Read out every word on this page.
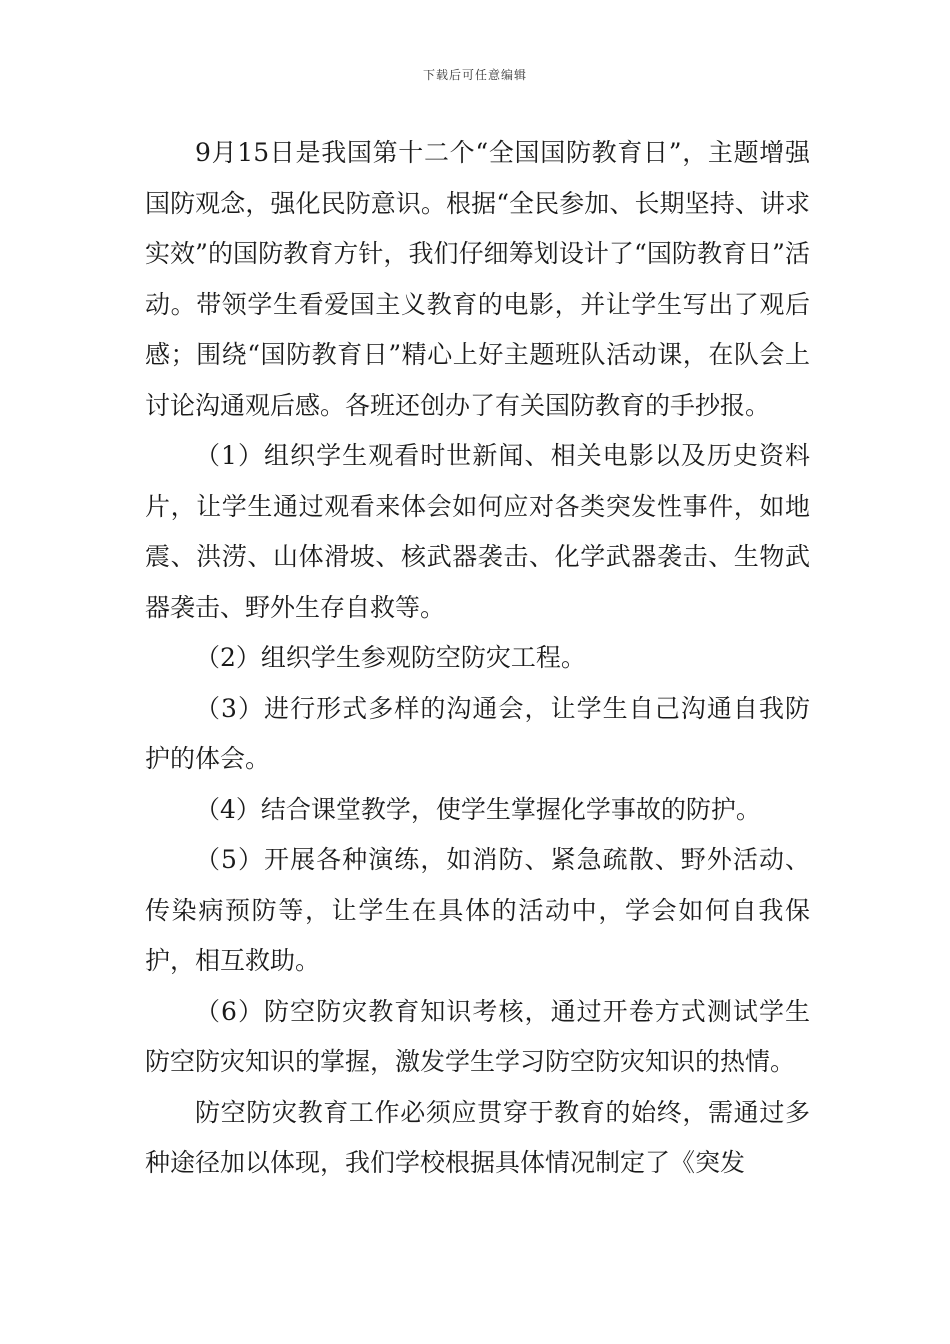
下载后可任意编辑

9月15日是我国第十二个“全国国防教育日”，主题增强国防观念，强化民防意识。根据“全民参加、长期坚持、讲求实效”的国防教育方针，我们仔细筹划设计了“国防教育日”活动。带领学生看爱国主义教育的电影，并让学生写出了观后感；围绕“国防教育日”精心上好主题班队活动课，在队会上讨论沟通观后感。各班还创办了有关国防教育的手抄报。

（1）组织学生观看时世新闻、相关电影以及历史资料片，让学生通过观看来体会如何应对各类突发性事件，如地震、洪涝、山体滑坡、核武器袭击、化学武器袭击、生物武器袭击、野外生存自救等。

（2）组织学生参观防空防灾工程。

（3）进行形式多样的沟通会，让学生自己沟通自我防护的体会。

（4）结合课堂教学，使学生掌握化学事故的防护。

（5）开展各种演练，如消防、紧急疏散、野外活动、传染病预防等，让学生在具体的活动中，学会如何自我保护，相互救助。

（6）防空防灾教育知识考核，通过开卷方式测试学生防空防灾知识的掌握，激发学生学习防空防灾知识的热情。

防空防灾教育工作必须应贯穿于教育的始终，需通过多种途径加以体现，我们学校根据具体情况制定了《突发
